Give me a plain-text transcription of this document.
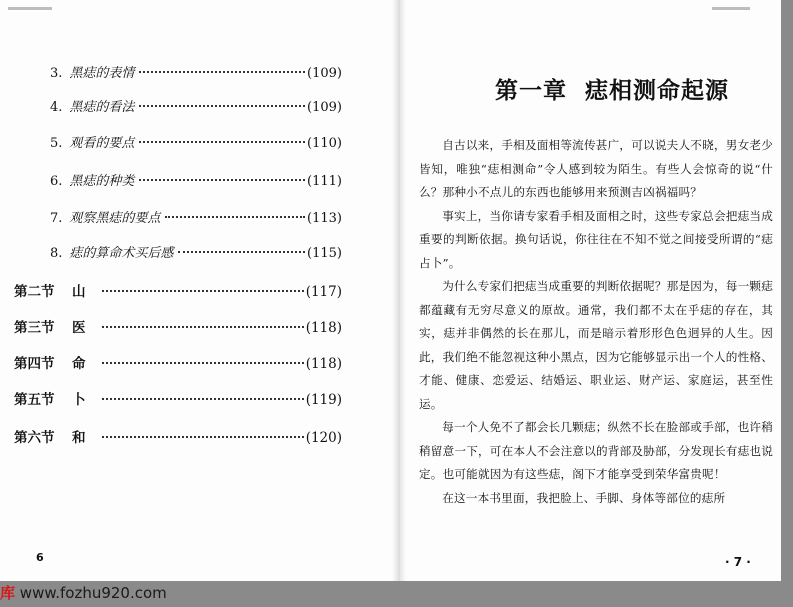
3. 黑痣的表情	(109)
4. 黑痣的看法	(109)
5. 观看的要点	(110)
6. 黑痣的种类	(111)
7. 观察黑痣的要点	(113)
8. 痣的算命术买后感	(115)
第二节	山	(117)
第三节	医	(118)
第四节	命	(118)
第五节	卜	(119)
第六节	和	(120)
6
第一章 痣相测命起源

自古以来，手相及面相等流传甚广，可以说夫人不晓，男女老少皆知，唯独“痣相测命”令人感到较为陌生。有些人会惊奇的说“什么？那种小不点儿的东西也能够用来预测吉凶祸福吗？

事实上，当你请专家看手相及面相之时，这些专家总会把痣当成重要的判断依据。换句话说，你往往在不知不觉之间接受所谓的“痣占卜”。

为什么专家们把痣当成重要的判断依据呢？那是因为，每一颗痣都蕴藏有无穷尽意义的原故。通常，我们都不太在乎痣的存在，其实，痣并非偶然的长在那儿，而是暗示着形形色色迥异的人生。因此，我们绝不能忽视这种小黑点，因为它能够显示出一个人的性格、才能、健康、恋爱运、结婚运、职业运、财产运、家庭运，甚至性运。

每一个人免不了都会长几颗痣；纵然不长在脸部或手部，也许稍稍留意一下，可在本人不会注意以的背部及胁部，分发现长有痣也说定。也可能就因为有这些痣，阁下才能享受到荣华富贵呢！

在这一本书里面，我把脸上、手脚、身体等部位的痣所

· 7 ·
库 www.fozhu920.com
